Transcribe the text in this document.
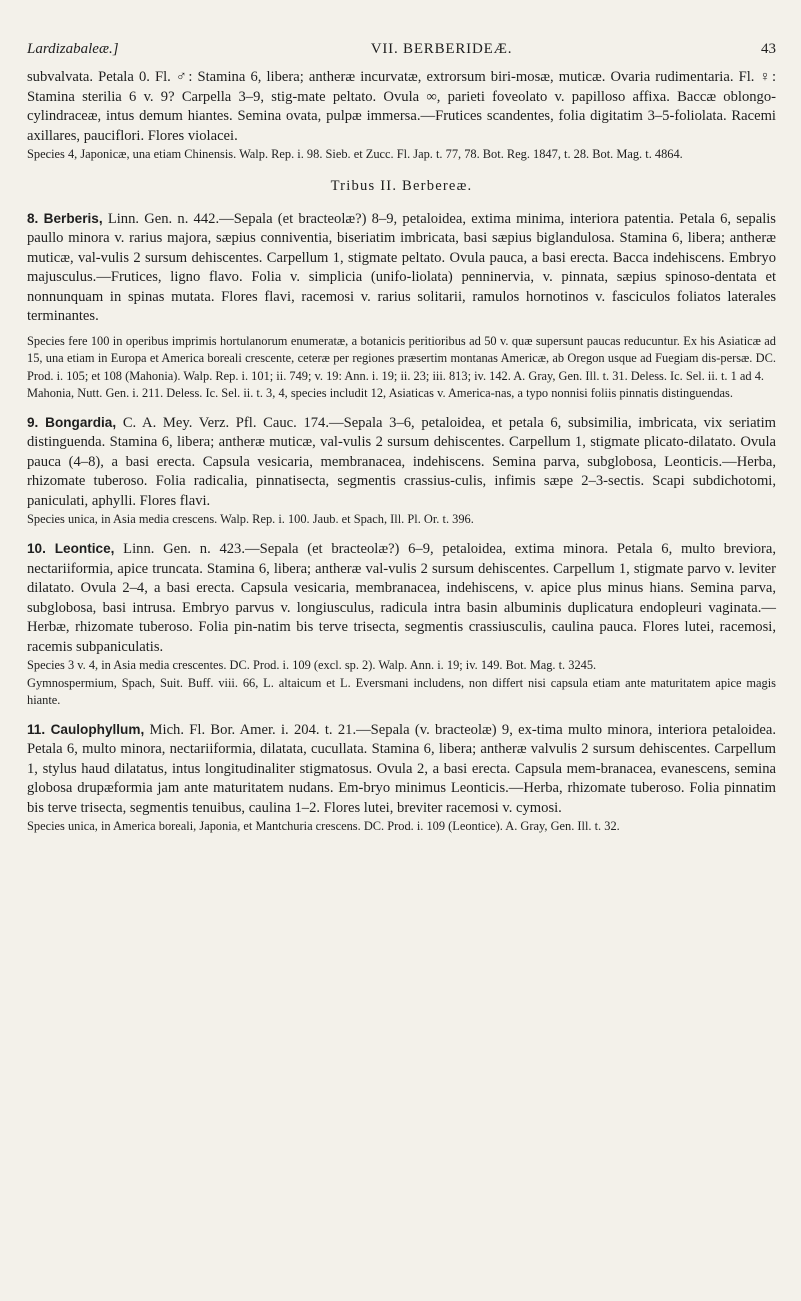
Lardizabaleæ.]	VII. BERBERIDEÆ.	43

subvalvata. Petala 0. Fl. ♂: Stamina 6, libera; antheræ incurvatæ, extrorsum biri-mosæ, muticæ. Ovaria rudimentaria. Fl. ♀: Stamina sterilia 6 v. 9? Carpella 3–9, stig-mate peltato. Ovula ∞, parieti foveolato v. papilloso affixa. Baccæ oblongo-cylindraceæ, intus demum hiantes. Semina ovata, pulpæ immersa.—Frutices scandentes, folia digitatim 3–5-foliolata. Racemi axillares, pauciflori. Flores violacei.

Species 4, Japonicæ, una etiam Chinensis. Walp. Rep. i. 98. Sieb. et Zucc. Fl. Jap. t. 77, 78. Bot. Reg. 1847, t. 28. Bot. Mag. t. 4864.

Tribus II. Berbereæ.

8. Berberis, Linn. Gen. n. 442.—Sepala (et bracteolæ?) 8–9, petaloidea, extima minima, interiora patentia. Petala 6, sepalis paullo minora v. rarius majora, sæpius conniventia, biseriatim imbricata, basi sæpius biglandulosa. Stamina 6, libera; antheræ muticæ, val-vulis 2 sursum dehiscentes. Carpellum 1, stigmate peltato. Ovula pauca, a basi erecta. Bacca indehiscens. Embryo majusculus.—Frutices, ligno flavo. Folia v. simplicia (unifo-liolata) penninervia, v. pinnata, sæpius spinoso-dentata et nonnunquam in spinas mutata. Flores flavi, racemosi v. rarius solitarii, ramulos hornotinos v. fasciculos foliatos laterales terminantes.

Species fere 100 in operibus imprimis hortulanorum enumeratæ, a botanicis peritioribus ad 50 v. quæ supersunt paucas reducuntur. Ex his Asiaticæ ad 15, una etiam in Europa et America boreali crescente, ceteræ per regiones præsertim montanas Americæ, ab Oregon usque ad Fuegiam dis-persæ. DC. Prod. i. 105; et 108 (Mahonia). Walp. Rep. i. 101; ii. 749; v. 19: Ann. i. 19; ii. 23; iii. 813; iv. 142. A. Gray, Gen. Ill. t. 31. Deless. Ic. Sel. ii. t. 1 ad 4.

Mahonia, Nutt. Gen. i. 211. Deless. Ic. Sel. ii. t. 3, 4, species includit 12, Asiaticas v. America-nas, a typo nonnisi foliis pinnatis distinguendas.

9. Bongardia, C. A. Mey. Verz. Pfl. Cauc. 174.—Sepala 3–6, petaloidea, et petala 6, subsimilia, imbricata, vix seriatim distinguenda. Stamina 6, libera; antheræ muticæ, val-vulis 2 sursum dehiscentes. Carpellum 1, stigmate plicato-dilatato. Ovula pauca (4–8), a basi erecta. Capsula vesicaria, membranacea, indehiscens. Semina parva, subglobosa, Leonticis.—Herba, rhizomate tuberoso. Folia radicalia, pinnatisecta, segmentis crassius-culis, infimis sæpe 2–3-sectis. Scapi subdichotomi, paniculati, aphylli. Flores flavi.

Species unica, in Asia media crescens. Walp. Rep. i. 100. Jaub. et Spach, Ill. Pl. Or. t. 396.

10. Leontice, Linn. Gen. n. 423.—Sepala (et bracteolæ?) 6–9, petaloidea, extima minora. Petala 6, multo breviora, nectariiformia, apice truncata. Stamina 6, libera; antheræ val-vulis 2 sursum dehiscentes. Carpellum 1, stigmate parvo v. leviter dilatato. Ovula 2–4, a basi erecta. Capsula vesicaria, membranacea, indehiscens, v. apice plus minus hians. Semina parva, subglobosa, basi intrusa. Embryo parvus v. longiusculus, radicula intra basin albuminis duplicatura endopleuri vaginata.—Herbæ, rhizomate tuberoso. Folia pin-natim bis terve trisecta, segmentis crassiusculis, caulina pauca. Flores lutei, racemosi, racemis subpaniculatis.

Species 3 v. 4, in Asia media crescentes. DC. Prod. i. 109 (excl. sp. 2). Walp. Ann. i. 19; iv. 149. Bot. Mag. t. 3245.

Gymnospermium, Spach, Suit. Buff. viii. 66, L. altaicum et L. Eversmani includens, non differt nisi capsula etiam ante maturitatem apice magis hiante.

11. Caulophyllum, Mich. Fl. Bor. Amer. i. 204. t. 21.—Sepala (v. bracteolæ) 9, ex-tima multo minora, interiora petaloidea. Petala 6, multo minora, nectariiformia, dilatata, cucullata. Stamina 6, libera; antheræ valvulis 2 sursum dehiscentes. Carpellum 1, stylus haud dilatatus, intus longitudinaliter stigmatosus. Ovula 2, a basi erecta. Capsula mem-branacea, evanescens, semina globosa drupæformia jam ante maturitatem nudans. Em-bryo minimus Leonticis.—Herba, rhizomate tuberoso. Folia pinnatim bis terve trisecta, segmentis tenuibus, caulina 1–2. Flores lutei, breviter racemosi v. cymosi.

Species unica, in America boreali, Japonia, et Mantchuria crescens. DC. Prod. i. 109 (Leontice). A. Gray, Gen. Ill. t. 32.
